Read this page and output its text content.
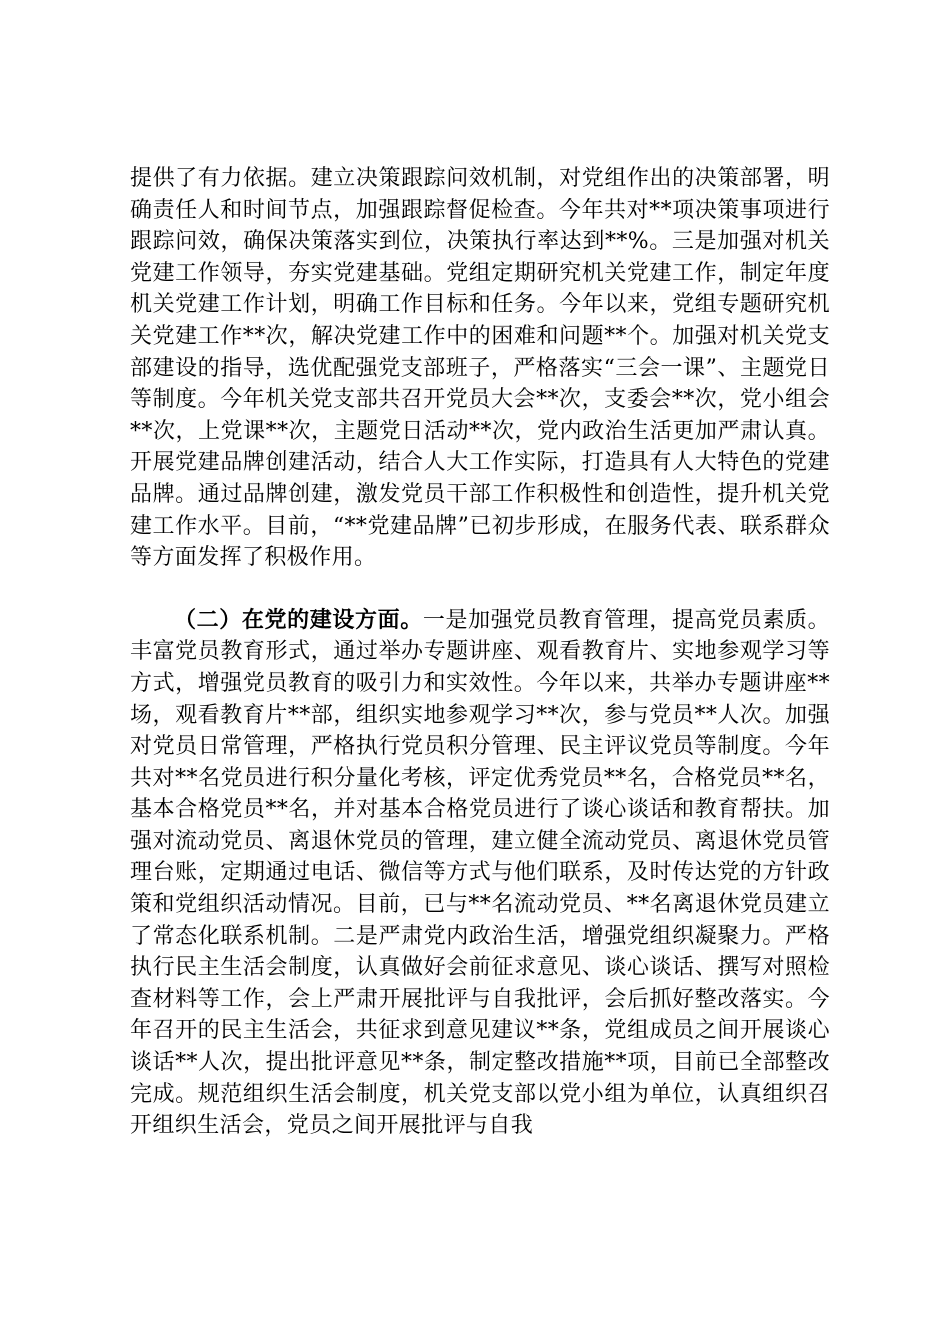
提供了有力依据。建立决策跟踪问效机制，对党组作出的决策部署，明确责任人和时间节点，加强跟踪督促检查。今年共对**项决策事项进行跟踪问效，确保决策落实到位，决策执行率达到**%。三是加强对机关党建工作领导，夯实党建基础。党组定期研究机关党建工作，制定年度机关党建工作计划，明确工作目标和任务。今年以来，党组专题研究机关党建工作**次，解决党建工作中的困难和问题**个。加强对机关党支部建设的指导，选优配强党支部班子，严格落实“三会一课”、主题党日等制度。今年机关党支部共召开党员大会**次，支委会**次，党小组会**次，上党课**次，主题党日活动**次，党内政治生活更加严肃认真。开展党建品牌创建活动，结合人大工作实际，打造具有人大特色的党建品牌。通过品牌创建，激发党员干部工作积极性和创造性，提升机关党建工作水平。目前，“**党建品牌”已初步形成，在服务代表、联系群众等方面发挥了积极作用。

（二）在党的建设方面。一是加强党员教育管理，提高党员素质。丰富党员教育形式，通过举办专题讲座、观看教育片、实地参观学习等方式，增强党员教育的吸引力和实效性。今年以来，共举办专题讲座**场，观看教育片**部，组织实地参观学习**次，参与党员**人次。加强对党员日常管理，严格执行党员积分管理、民主评议党员等制度。今年共对**名党员进行积分量化考核，评定优秀党员**名，合格党员**名，基本合格党员**名，并对基本合格党员进行了谈心谈话和教育帮扶。加强对流动党员、离退休党员的管理，建立健全流动党员、离退休党员管理台账，定期通过电话、微信等方式与他们联系，及时传达党的方针政策和党组织活动情况。目前，已与**名流动党员、**名离退休党员建立了常态化联系机制。二是严肃党内政治生活，增强党组织凝聚力。严格执行民主生活会制度，认真做好会前征求意见、谈心谈话、撰写对照检查材料等工作，会上严肃开展批评与自我批评，会后抓好整改落实。今年召开的民主生活会，共征求到意见建议**条，党组成员之间开展谈心谈话**人次，提出批评意见**条，制定整改措施**项，目前已全部整改完成。规范组织生活会制度，机关党支部以党小组为单位，认真组织召开组织生活会，党员之间开展批评与自我
